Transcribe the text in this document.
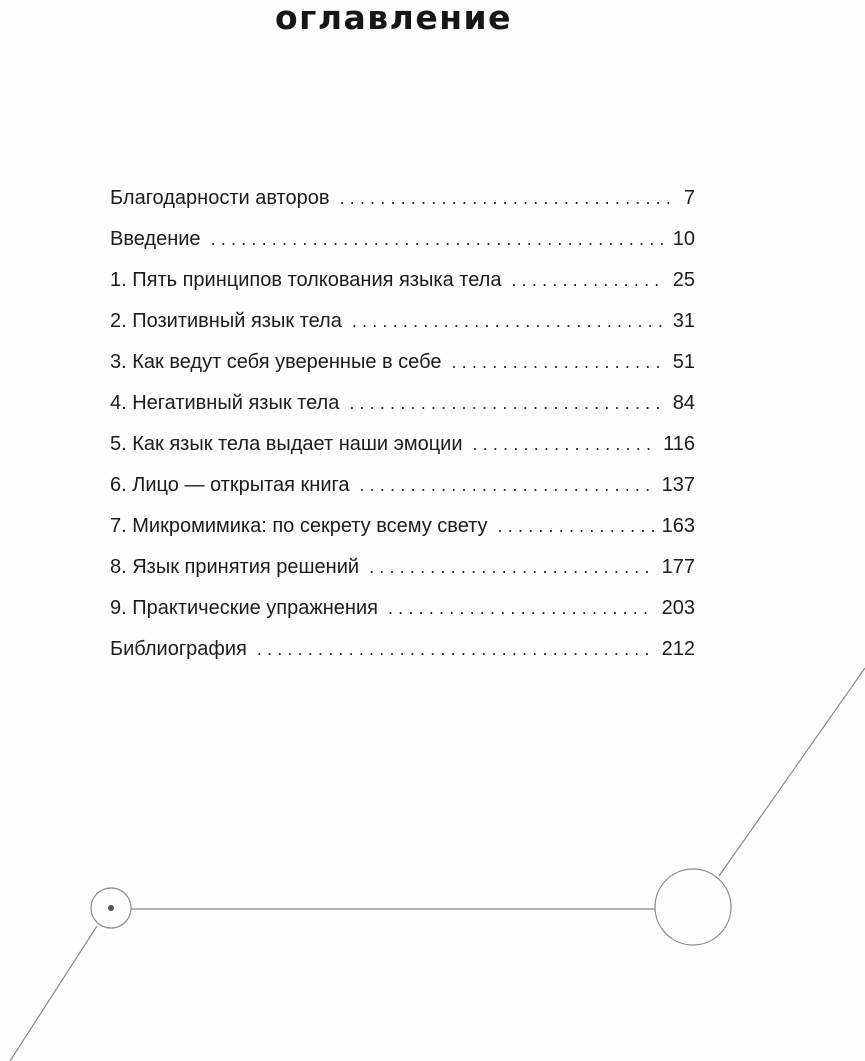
оглавление
Благодарности авторов .....	7
Введение .....	10
1. Пять принципов толкования языка тела .....	25
2. Позитивный язык тела .....	31
3. Как ведут себя уверенные в себе .....	51
4. Негативный язык тела .....	84
5. Как язык тела выдает наши эмоции .....	116
6. Лицо — открытая книга .....	137
7. Микромимика: по секрету всему свету .....	163
8. Язык принятия решений .....	177
9. Практические упражнения .....	203
Библиография .....	212
